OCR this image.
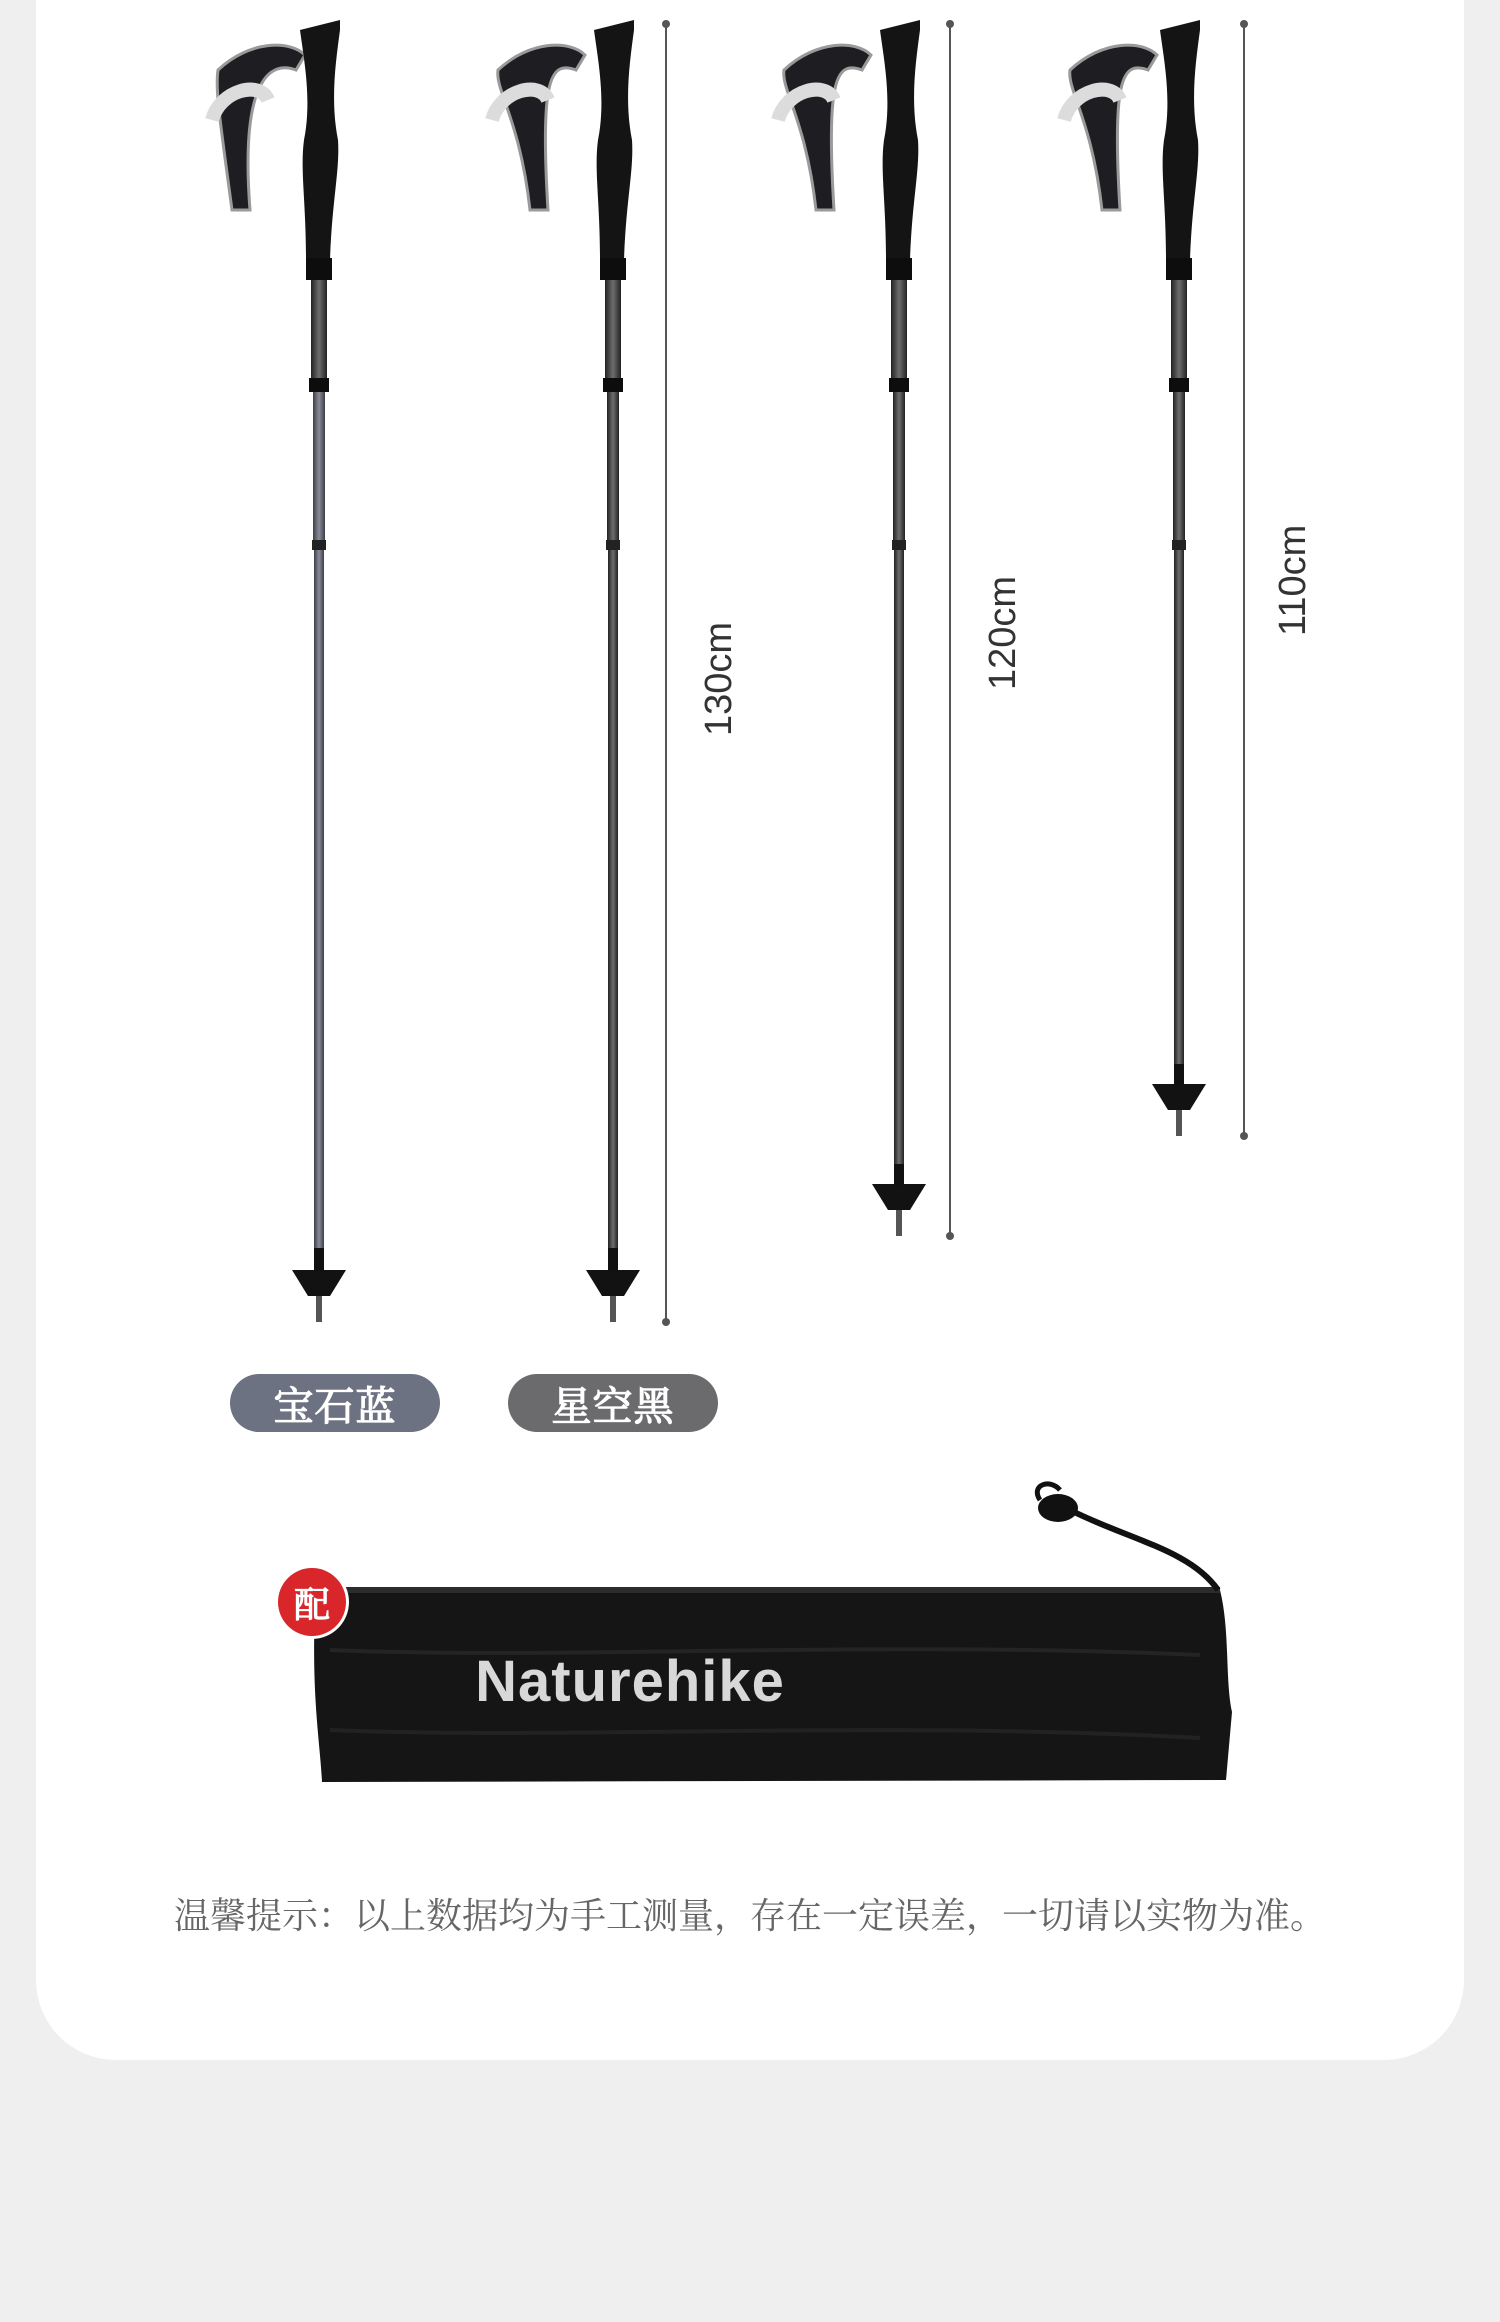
130cm	120cm	110cm
宝石蓝	星空黑
Naturehike
配
温馨提示：以上数据均为手工测量，存在一定误差，一切请以实物为准。
